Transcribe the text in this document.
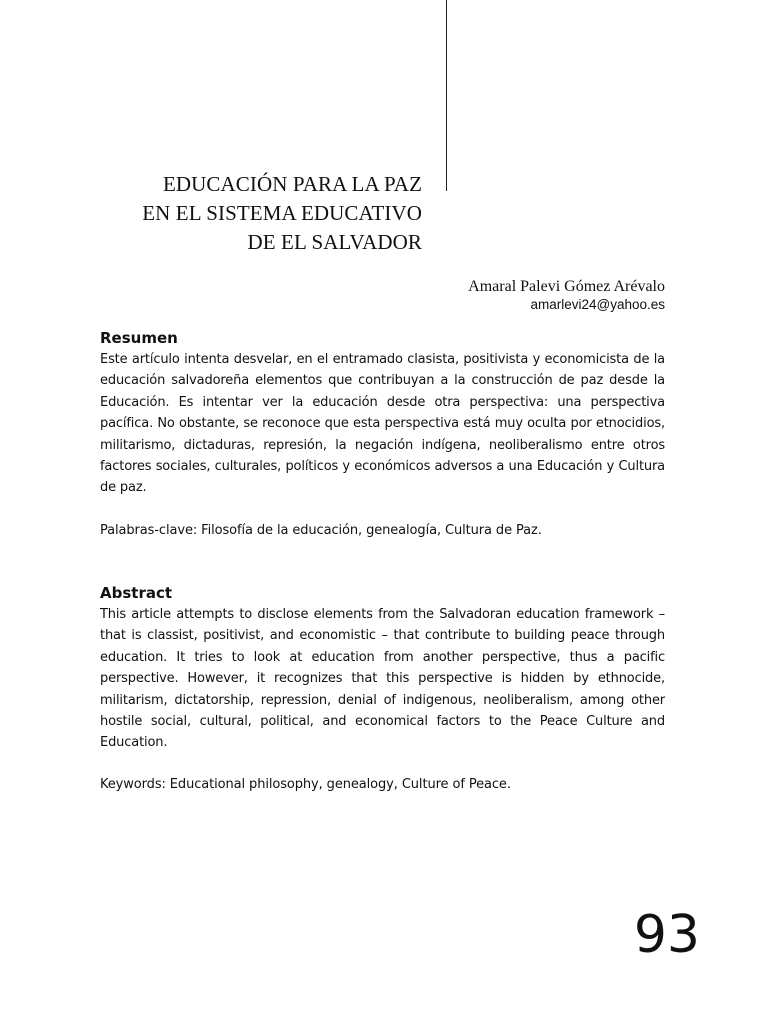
EDUCACIÓN PARA LA PAZ
EN EL SISTEMA EDUCATIVO
DE EL SALVADOR
Amaral Palevi Gómez Arévalo
amarlevi24@yahoo.es
Resumen
Este artículo intenta desvelar, en el entramado clasista, positivista y economicista de la educación salvadoreña elementos que contribuyan a la construcción de paz desde la Educación. Es intentar ver la educación desde otra perspectiva: una perspectiva pacífica. No obstante, se reconoce que esta perspectiva está muy oculta por etnocidios, militarismo, dictaduras, represión, la negación indígena, neoliberalismo entre otros factores sociales, culturales, políticos y económicos adversos a una Educación y Cultura de paz.
Palabras-clave: Filosofía de la educación, genealogía, Cultura de Paz.
Abstract
This article attempts to disclose elements from the Salvadoran education framework – that is classist, positivist, and economistic – that contribute to building peace through education. It tries to look at education from another perspective, thus a pacific perspective. However, it recognizes that this perspective is hidden by ethnocide, militarism, dictatorship, repression, denial of indigenous, neoliberalism, among other hostile social, cultural, political, and economical factors to the Peace Culture and Education.
Keywords: Educational philosophy, genealogy, Culture of Peace.
93
